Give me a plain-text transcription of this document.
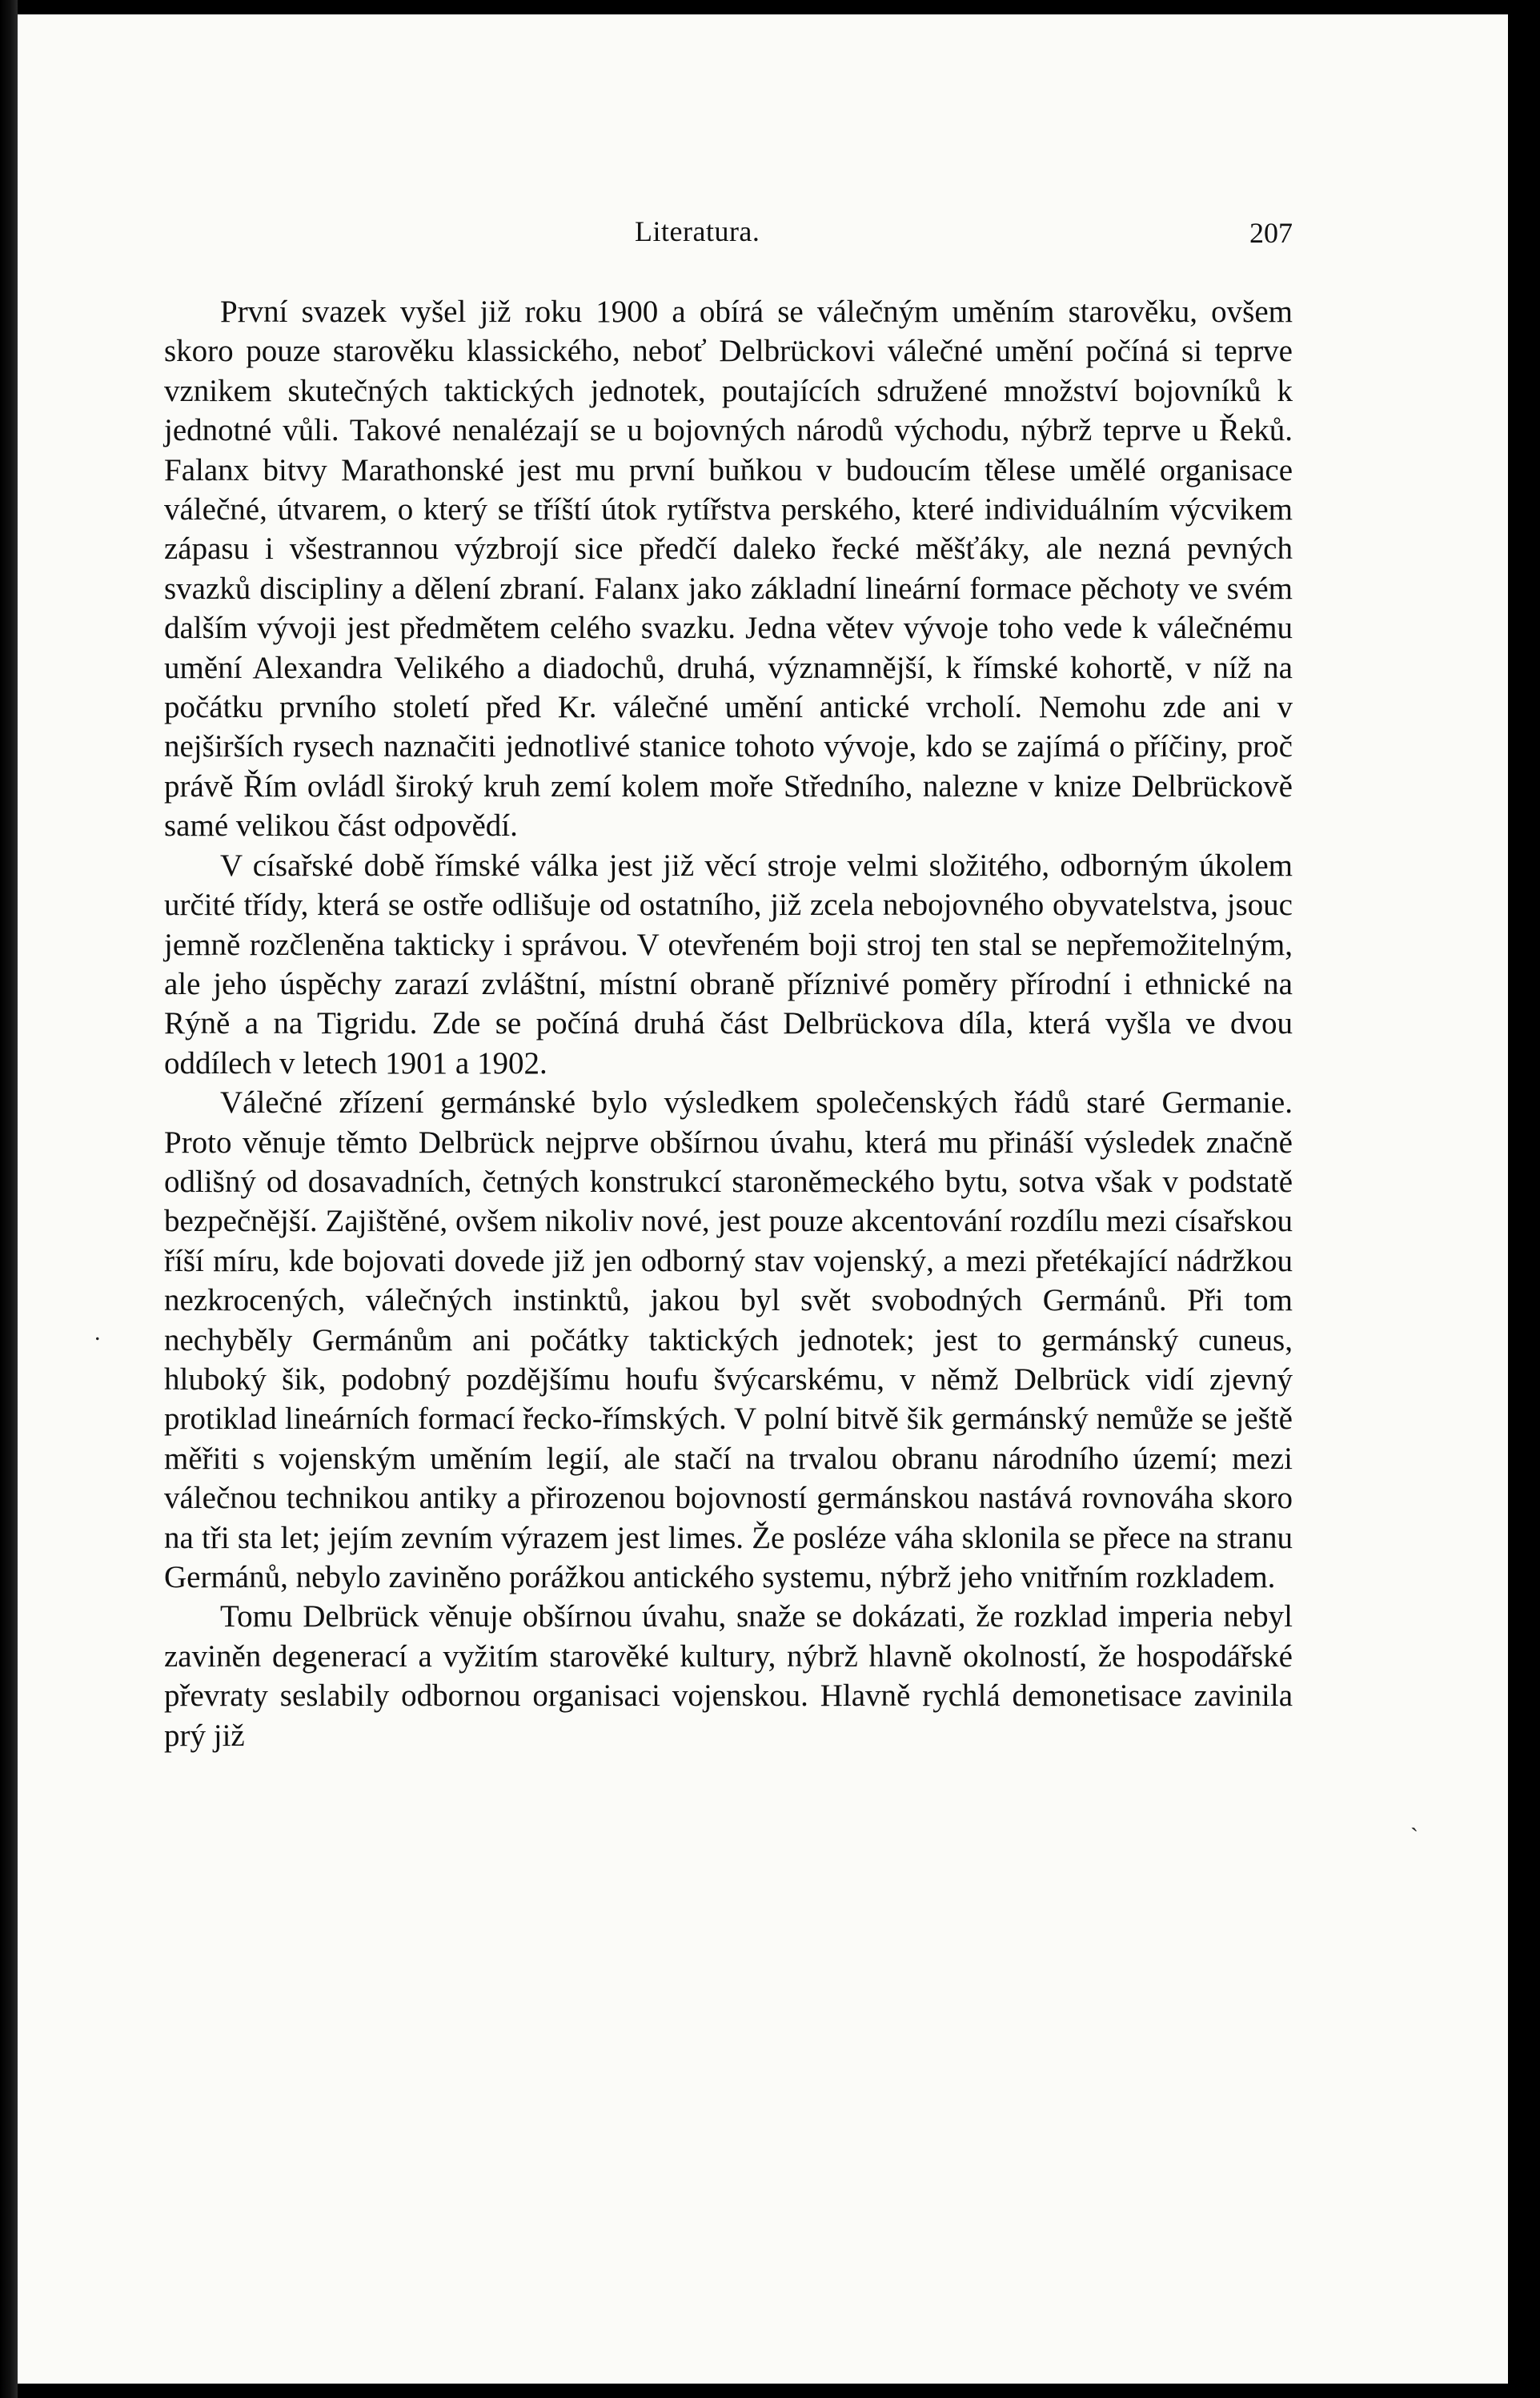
Literatura.	207

První svazek vyšel již roku 1900 a obírá se válečným uměním starověku, ovšem skoro pouze starověku klassického, neboť Delbrückovi válečné umění počíná si teprve vznikem skutečných taktických jednotek, poutajících sdružené množství bojovníků k jednotné vůli. Takové nenalézají se u bojovných národů východu, nýbrž teprve u Řeků. Falanx bitvy Marathonské jest mu první buňkou v budoucím tělese umělé organisace válečné, útvarem, o který se tříští útok rytířstva perského, které individuálním výcvikem zápasu i všestrannou výzbrojí sice předčí daleko řecké měšťáky, ale nezná pevných svazků discipliny a dělení zbraní. Falanx jako základní lineární formace pěchoty ve svém dalším vývoji jest předmětem celého svazku. Jedna větev vývoje toho vede k válečnému umění Alexandra Velikého a diadochů, druhá, významnější, k římské kohortě, v níž na počátku prvního století před Kr. válečné umění antické vrcholí. Nemohu zde ani v nejširších rysech naznačiti jednotlivé stanice tohoto vývoje, kdo se zajímá o příčiny, proč právě Řím ovládl široký kruh zemí kolem moře Středního, nalezne v knize Delbrückově samé velikou část odpovědí.

V císařské době římské válka jest již věcí stroje velmi složitého, odborným úkolem určité třídy, která se ostře odlišuje od ostatního, již zcela nebojovného obyvatelstva, jsouc jemně rozčleněna takticky i správou. V otevřeném boji stroj ten stal se nepřemožitelným, ale jeho úspěchy zarazí zvláštní, místní obraně příznivé poměry přírodní i ethnické na Rýně a na Tigridu. Zde se počíná druhá část Delbrückova díla, která vyšla ve dvou oddílech v letech 1901 a 1902.

Válečné zřízení germánské bylo výsledkem společenských řádů staré Germanie. Proto věnuje těmto Delbrück nejprve obšírnou úvahu, která mu přináší výsledek značně odlišný od dosavadních, četných konstrukcí staroněmeckého bytu, sotva však v podstatě bezpečnější. Zajištěné, ovšem nikoliv nové, jest pouze akcentování rozdílu mezi císařskou říší míru, kde bojovati dovede již jen odborný stav vojenský, a mezi přetékající nádržkou nezkrocených, válečných instinktů, jakou byl svět svobodných Germánů. Při tom nechyběly Germánům ani počátky taktických jednotek; jest to germánský cuneus, hluboký šik, podobný pozdějšímu houfu švýcarskému, v němž Delbrück vidí zjevný protiklad lineárních formací řecko-římských. V polní bitvě šik germánský nemůže se ještě měřiti s vojenským uměním legií, ale stačí na trvalou obranu národního území; mezi válečnou technikou antiky a přirozenou bojovností germánskou nastává rovnováha skoro na tři sta let; jejím zevním výrazem jest limes. Že posléze váha sklonila se přece na stranu Germánů, nebylo zaviněno porážkou antického systemu, nýbrž jeho vnitřním rozkladem.

Tomu Delbrück věnuje obšírnou úvahu, snaže se dokázati, že rozklad imperia nebyl zaviněn degenerací a vyžitím starověké kultury, nýbrž hlavně okolností, že hospodářské převraty seslabily odbornou organisaci vojenskou. Hlavně rychlá demonetisace zavinila prý již

.
˴
